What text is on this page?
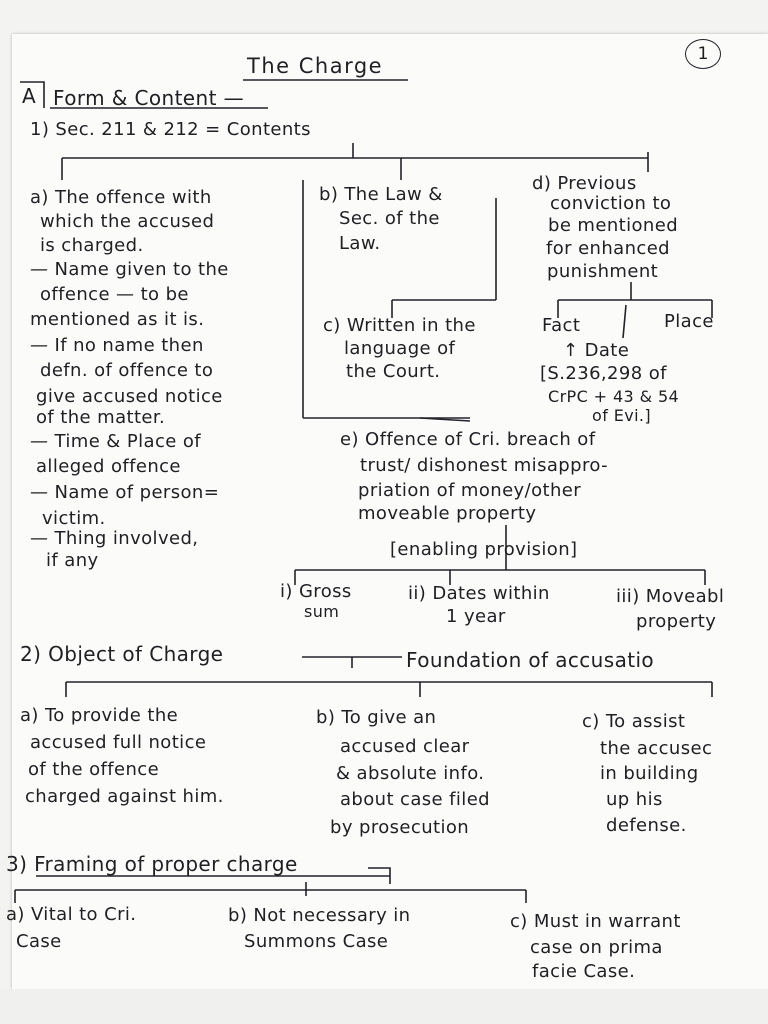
1
The Charge
A Form & Content —
1) Sec. 211 & 212 = Contents
a) The offence with
which the accused
is charged.
— Name given to the
offence — to be
mentioned as it is.
— If no name then
defn. of offence to
give accused notice
of the matter.
— Time & Place of
alleged offence
— Name of person=
victim.
— Thing involved,
if any
b) The Law &
Sec. of the
Law.
d) Previous
conviction to
be mentioned
for enhanced
punishment
c) Written in the
language of
the Court.
Fact	Place
↑ Date
[S.236,298 of
CrPC + 43 & 54
of Evi.]
e) Offence of Cri. breach of
trust/ dishonest misappro-
priation of money/other
moveable property
[enabling provision]
i) Gross
sum
ii) Dates within
1 year
iii) Moveabl
property
2) Object of Charge	Foundation of accusatio
a) To provide the
accused full notice
of the offence
charged against him.
b) To give an
accused clear
& absolute info.
about case filed
by prosecution
c) To assist
the accusec
in building
up his
defense.
3) Framing of proper charge
a) Vital to Cri.
Case
b) Not necessary in
Summons Case
c) Must in warrant
case on prima
facie Case.
